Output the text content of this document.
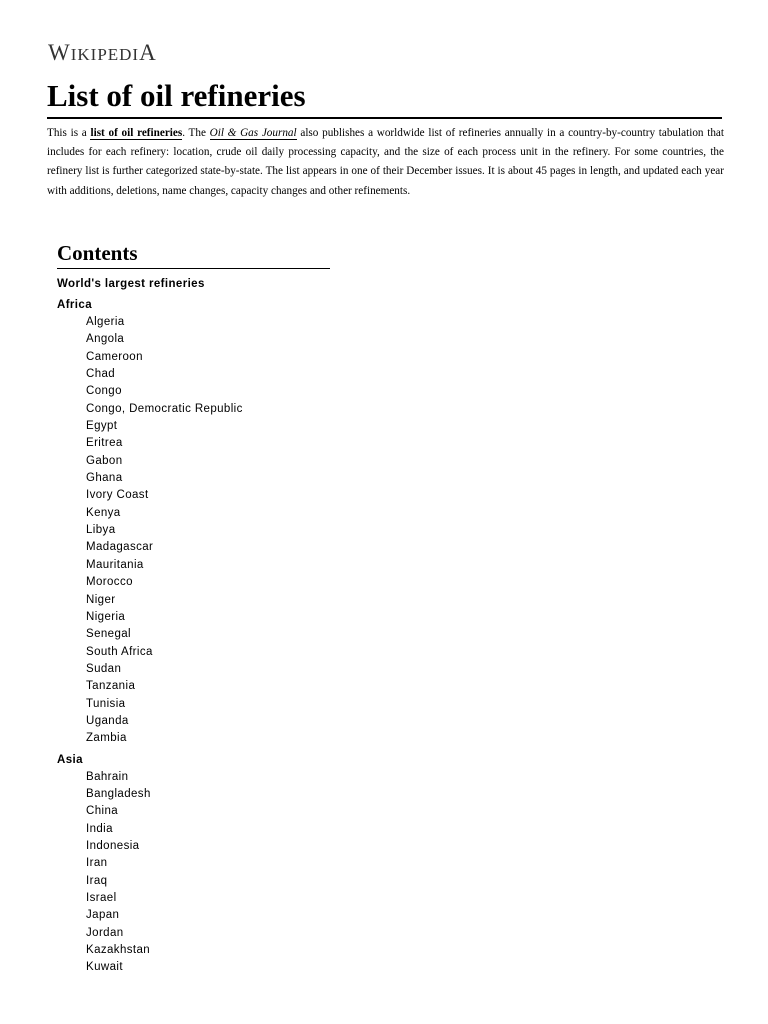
WIKIPEDIA
List of oil refineries

This is a list of oil refineries. The Oil & Gas Journal also publishes a worldwide list of refineries annually in a country-by-country tabulation that includes for each refinery: location, crude oil daily processing capacity, and the size of each process unit in the refinery. For some countries, the refinery list is further categorized state-by-state. The list appears in one of their December issues. It is about 45 pages in length, and updated each year with additions, deletions, name changes, capacity changes and other refinements.

Contents
World's largest refineries
Africa
Algeria
Angola
Cameroon
Chad
Congo
Congo, Democratic Republic
Egypt
Eritrea
Gabon
Ghana
Ivory Coast
Kenya
Libya
Madagascar
Mauritania
Morocco
Niger
Nigeria
Senegal
South Africa
Sudan
Tanzania
Tunisia
Uganda
Zambia
Asia
Bahrain
Bangladesh
China
India
Indonesia
Iran
Iraq
Israel
Japan
Jordan
Kazakhstan
Kuwait
